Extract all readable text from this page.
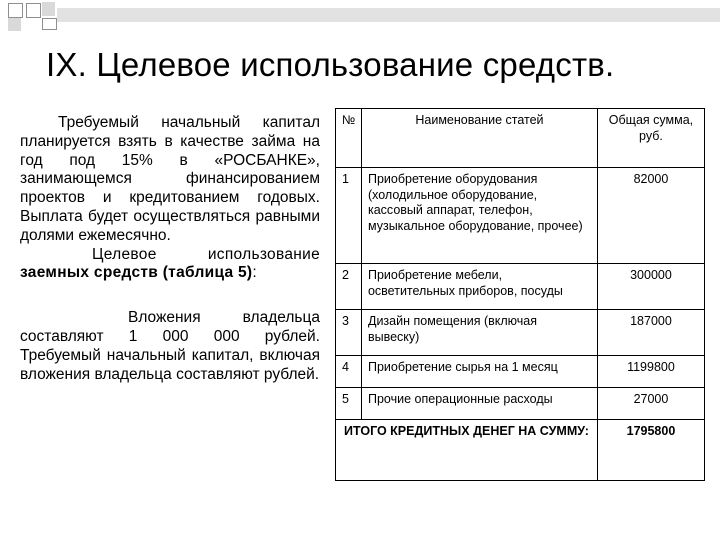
IX. Целевое использование средств.

Требуемый начальный капитал планируется взять в качестве займа на год под 15% в «РОСБАНКЕ», занимающемся финансированием проектов и кредитованием годовых. Выплата будет осуществляться равными долями ежемесячно.

Целевое использование заемных средств (таблица 5):

Вложения владельца составляют 1 000 000 рублей. Требуемый начальный капитал, включая вложения владельца составляют рублей.

№	Наименование статей	Общая сумма, руб.
1	Приобретение оборудования (холодильное оборудование, кассовый аппарат, телефон, музыкальное оборудование, прочее)	82000
2	Приобретение мебели, осветительных приборов, посуды	300000
3	Дизайн помещения (включая вывеску)	187000
4	Приобретение сырья на 1 месяц	1199800
5	Прочие операционные расходы	27000
ИТОГО КРЕДИТНЫХ ДЕНЕГ НА СУММУ:		1795800
